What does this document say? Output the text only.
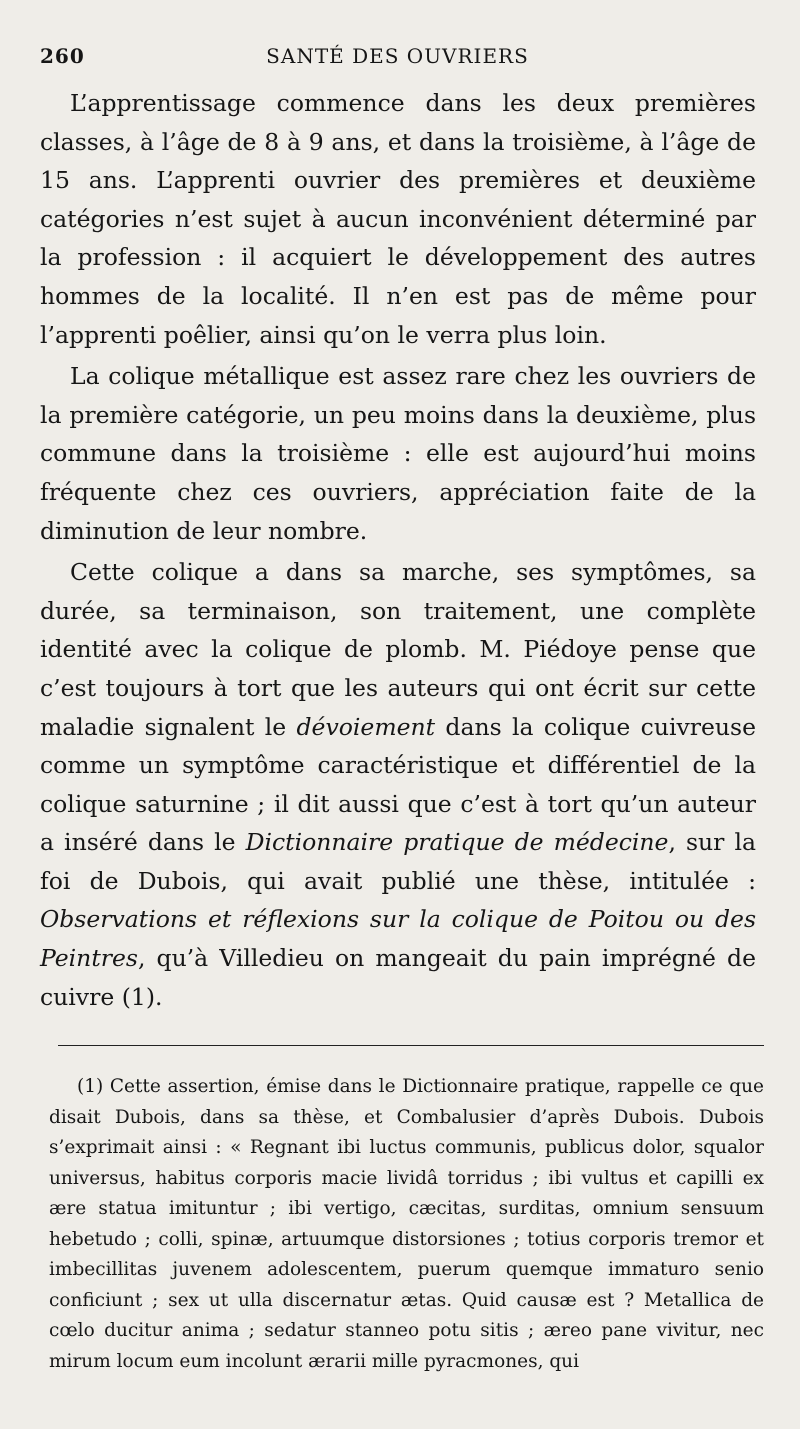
260	SANTÉ DES OUVRIERS

L’apprentissage commence dans les deux premières classes, à l’âge de 8 à 9 ans, et dans la troisième, à l’âge de 15 ans. L’apprenti ouvrier des premières et deuxième catégories n’est sujet à aucun inconvénient déterminé par la profession : il acquiert le développement des autres hommes de la localité. Il n’en est pas de même pour l’apprenti poêlier, ainsi qu’on le verra plus loin.

La colique métallique est assez rare chez les ouvriers de la première catégorie, un peu moins dans la deuxième, plus commune dans la troisième : elle est aujourd’hui moins fréquente chez ces ouvriers, appréciation faite de la diminution de leur nombre.

Cette colique a dans sa marche, ses symptômes, sa durée, sa terminaison, son traitement, une complète identité avec la colique de plomb. M. Piédoye pense que c’est toujours à tort que les auteurs qui ont écrit sur cette maladie signalent le dévoiement dans la colique cuivreuse comme un symptôme caractéristique et différentiel de la colique saturnine ; il dit aussi que c’est à tort qu’un auteur a inséré dans le Dictionnaire pratique de médecine, sur la foi de Dubois, qui avait publié une thèse, intitulée : Observations et réflexions sur la colique de Poitou ou des Peintres, qu’à Villedieu on mangeait du pain imprégné de cuivre (1).

(1) Cette assertion, émise dans le Dictionnaire pratique, rappelle ce que disait Dubois, dans sa thèse, et Combalusier d’après Dubois. Dubois s’exprimait ainsi : « Regnant ibi luctus communis, publicus dolor, squalor universus, habitus corporis macie lividâ torridus ; ibi vultus et capilli ex ære statua imituntur ; ibi vertigo, cæcitas, surditas, omnium sensuum hebetudo ; colli, spinæ, artuumque distorsiones ; totius corporis tremor et imbecillitas juvenem adolescentem, puerum quemque immaturo senio conficiunt ; sex ut ulla discernatur ætas. Quid causæ est ? Metallica de cœlo ducitur anima ; sedatur stanneo potu sitis ; æreo pane vivitur, nec mirum locum eum incolunt ærarii mille pyracmones, qui
